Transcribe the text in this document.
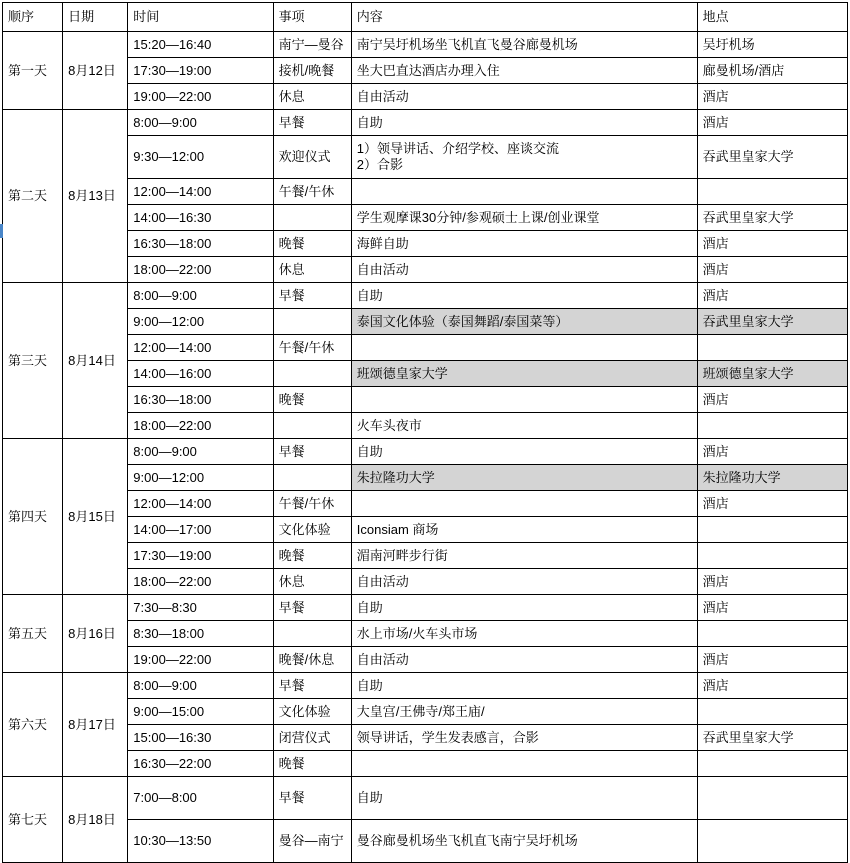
顺序	日期	时间	事项	内容	地点
第一天	8月12日	15:20—16:40	南宁—曼谷	南宁吴圩机场坐飞机直飞曼谷廊曼机场	吴圩机场
		17:30—19:00	接机/晚餐	坐大巴直达酒店办理入住	廊曼机场/酒店
		19:00—22:00	休息	自由活动	酒店
第二天	8月13日	8:00—9:00	早餐	自助	酒店
		9:30—12:00	欢迎仪式	1）领导讲话、介绍学校、座谈交流
2）合影	吞武里皇家大学
		12:00—14:00	午餐/午休		
		14:00—16:30		学生观摩课30分钟/参观硕士上课/创业课堂	吞武里皇家大学
		16:30—18:00	晚餐	海鲜自助	酒店
		18:00—22:00	休息	自由活动	酒店
第三天	8月14日	8:00—9:00	早餐	自助	酒店
		9:00—12:00		泰国文化体验（泰国舞蹈/泰国菜等）	吞武里皇家大学
		12:00—14:00	午餐/午休		
		14:00—16:00		班颂德皇家大学	班颂德皇家大学
		16:30—18:00	晚餐		酒店
		18:00—22:00		火车头夜市	
第四天	8月15日	8:00—9:00	早餐	自助	酒店
		9:00—12:00		朱拉隆功大学	朱拉隆功大学
		12:00—14:00	午餐/午休		酒店
		14:00—17:00	文化体验	Iconsiam 商场	
		17:30—19:00	晚餐	湄南河畔步行街	
		18:00—22:00	休息	自由活动	酒店
第五天	8月16日	7:30—8:30	早餐	自助	酒店
		8:30—18:00		水上市场/火车头市场	
		19:00—22:00	晚餐/休息	自由活动	酒店
第六天	8月17日	8:00—9:00	早餐	自助	酒店
		9:00—15:00	文化体验	大皇宫/王佛寺/郑王庙/	
		15:00—16:30	闭营仪式	领导讲话，学生发表感言，合影	吞武里皇家大学
		16:30—22:00	晚餐		
第七天	8月18日	7:00—8:00	早餐	自助	
		10:30—13:50	曼谷—南宁	曼谷廊曼机场坐飞机直飞南宁吴圩机场	
